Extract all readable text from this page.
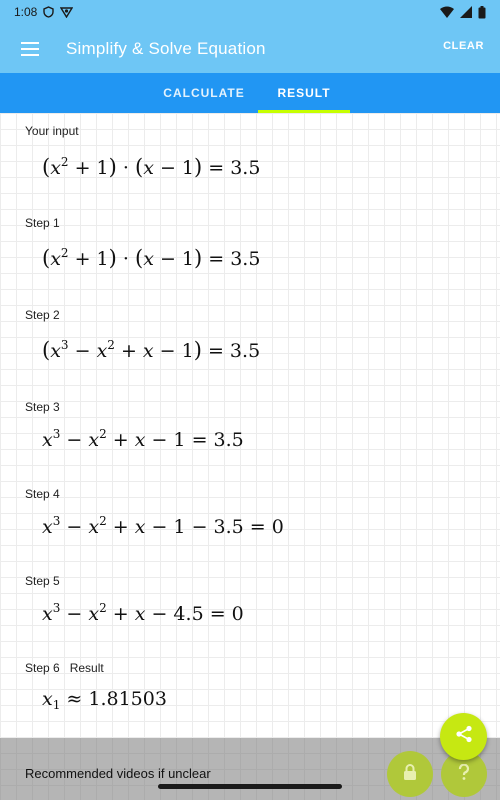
1:08
Simplify & Solve Equation	CLEAR
CALCULATE	RESULT
Your input
$(x^2 + 1) \cdot (x - 1) = 3.5$
Step 1
$(x^2 + 1) \cdot (x - 1) = 3.5$
Step 2
$(x^3 - x^2 + x - 1) = 3.5$
Step 3
$x^3 - x^2 + x - 1 = 3.5$
Step 4
$x^3 - x^2 + x - 1 - 3.5 = 0$
Step 5
$x^3 - x^2 + x - 4.5 = 0$
Step 6 Result
$x_1 \approx 1.81503$
Recommended videos if unclear
